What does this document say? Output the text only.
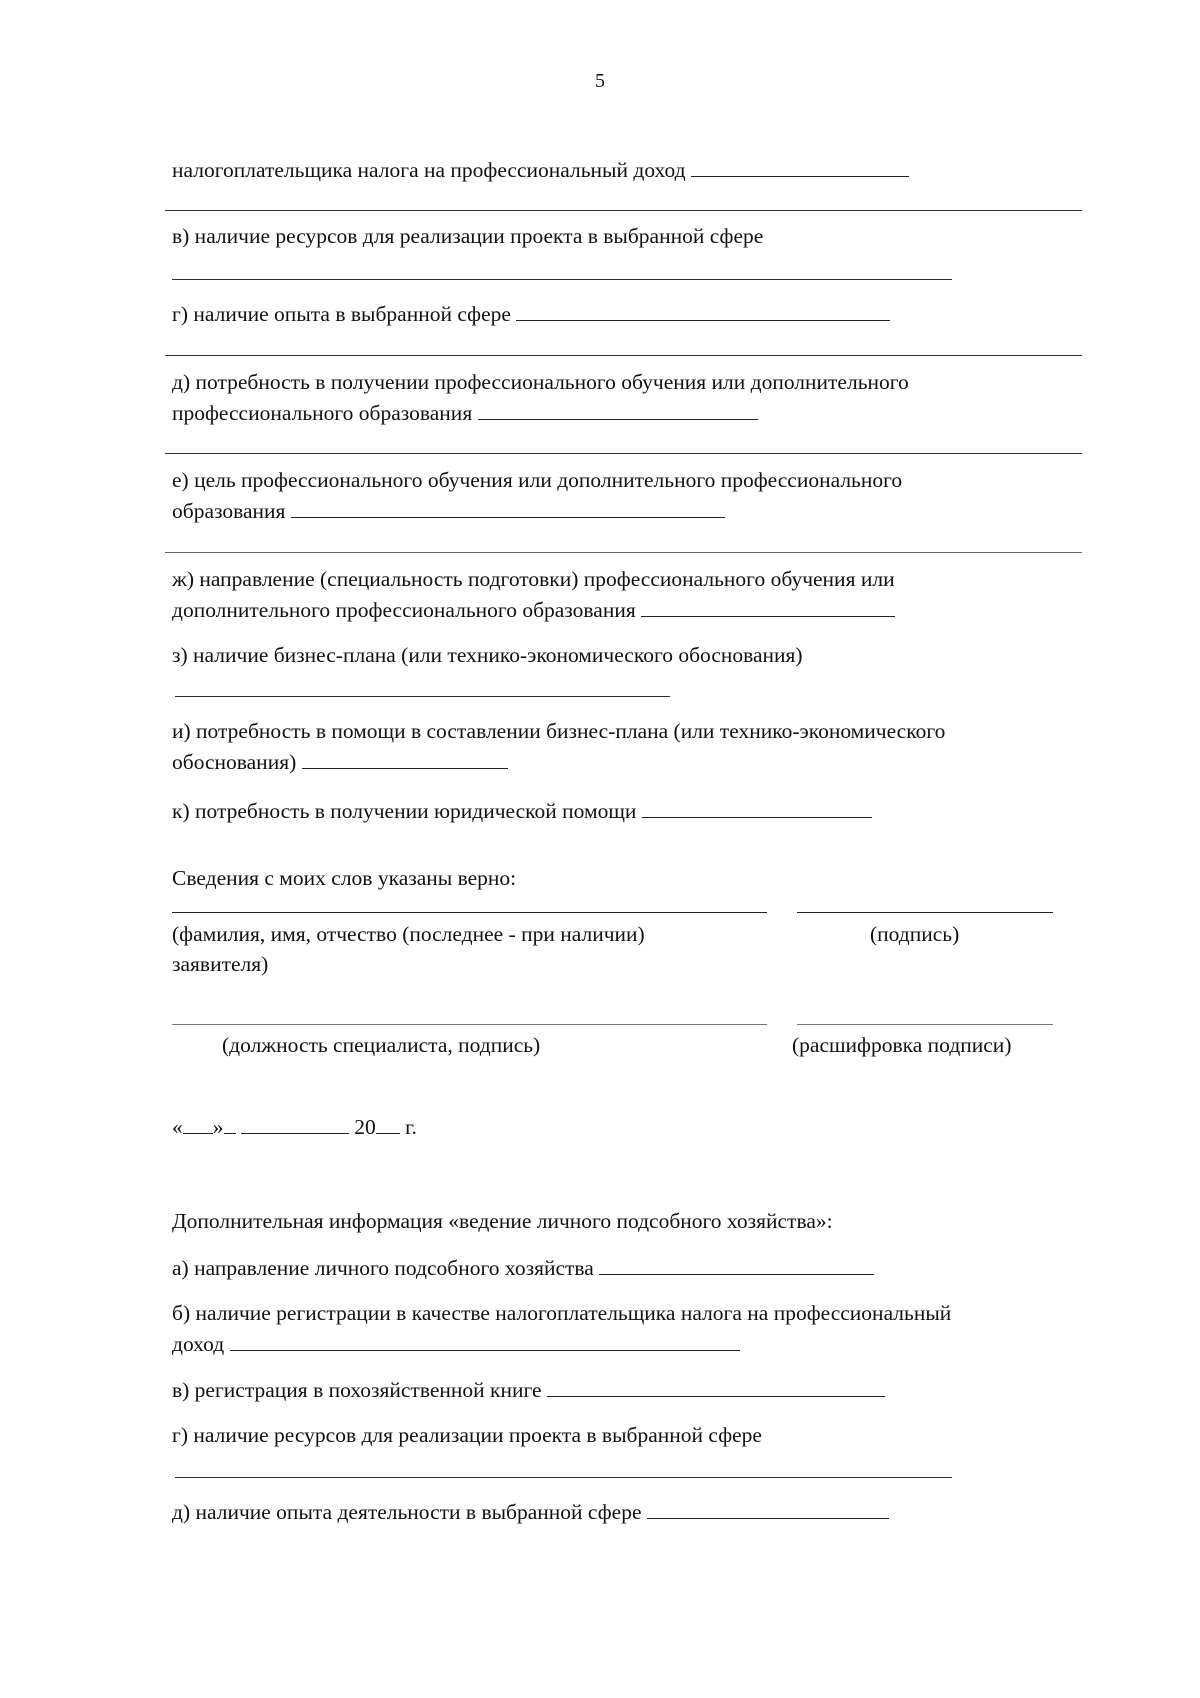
5
налогоплательщика налога на профессиональный доход
в) наличие ресурсов для реализации проекта в выбранной сфере
г) наличие опыта в выбранной сфере
д) потребность в получении профессионального обучения или дополнительного
профессионального образования
е) цель профессионального обучения или дополнительного профессионального
образования
ж) направление (специальность подготовки) профессионального обучения или
дополнительного профессионального образования
з) наличие бизнес-плана (или технико-экономического обоснования)
и) потребность в помощи в составлении бизнес-плана (или технико-экономического
обоснования)
к) потребность в получении юридической помощи
Сведения с моих слов указаны верно:
(фамилия, имя, отчество (последнее - при наличии)
заявителя)
(подпись)
(должность специалиста, подпись)	(расшифровка подписи)
« »	20 г.
Дополнительная информация «ведение личного подсобного хозяйства»:
а) направление личного подсобного хозяйства
б) наличие регистрации в качестве налогоплательщика налога на профессиональный
доход
в) регистрация в похозяйственной книге
г) наличие ресурсов для реализации проекта в выбранной сфере
д) наличие опыта деятельности в выбранной сфере
